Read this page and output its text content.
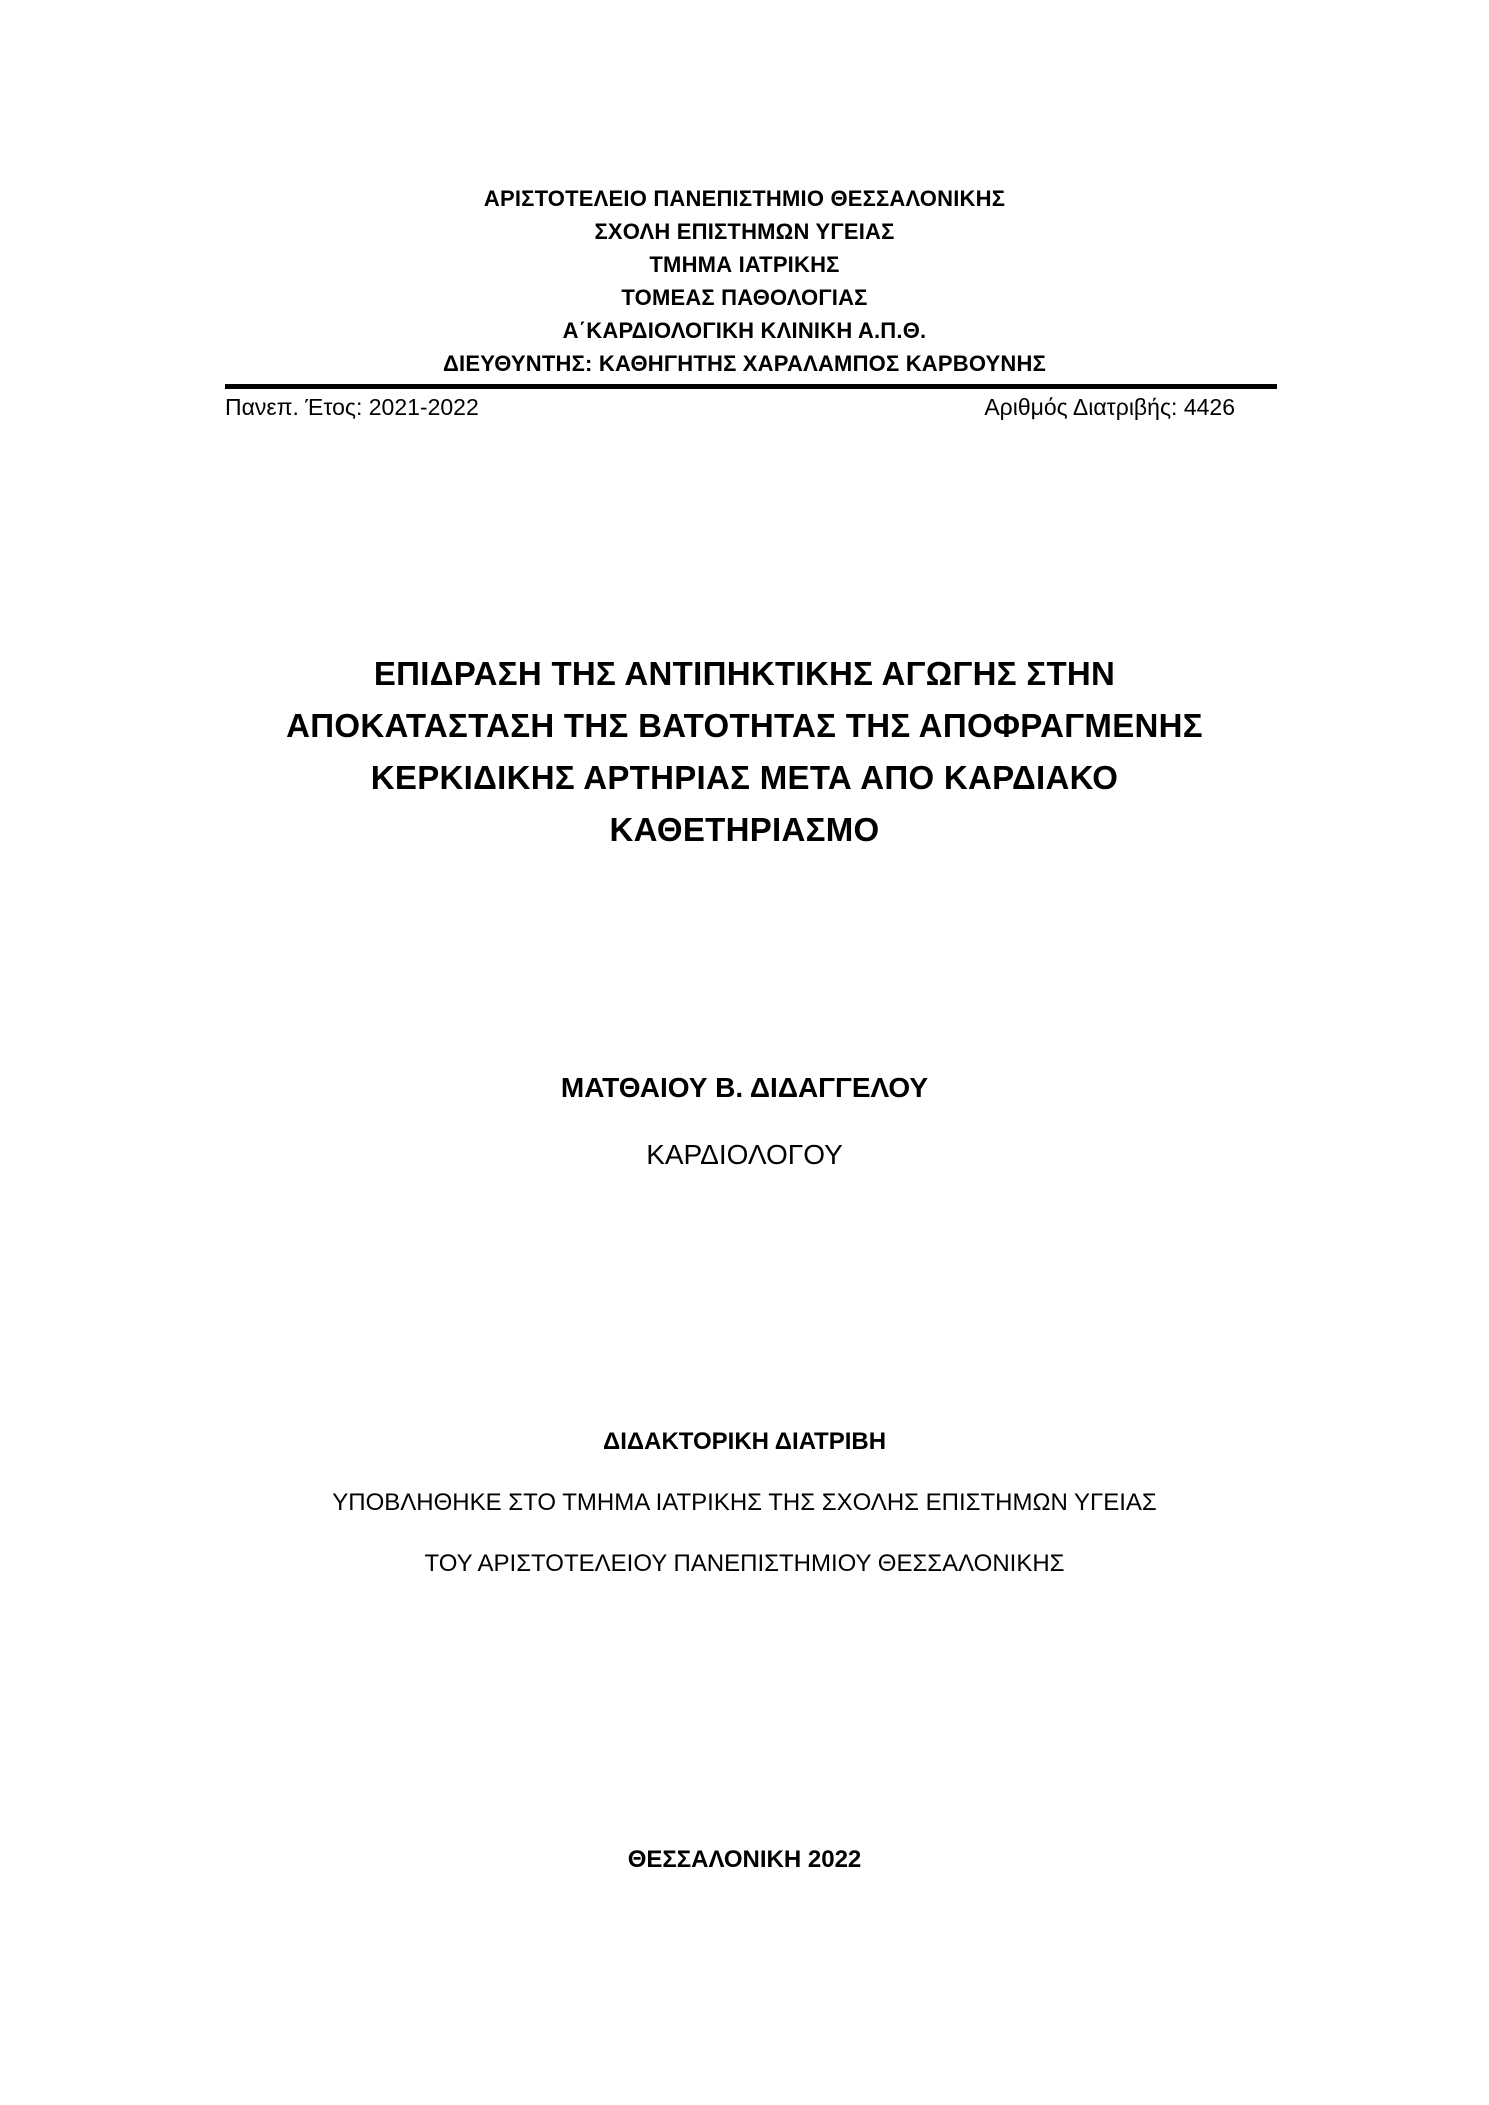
ΑΡΙΣΤΟΤΕΛΕΙΟ ΠΑΝΕΠΙΣΤΗΜΙΟ ΘΕΣΣΑΛΟΝΙΚΗΣ
ΣΧΟΛΗ ΕΠΙΣΤΗΜΩΝ ΥΓΕΙΑΣ
ΤΜΗΜΑ ΙΑΤΡΙΚΗΣ
ΤΟΜΕΑΣ ΠΑΘΟΛΟΓΙΑΣ
Α΄ΚΑΡΔΙΟΛΟΓΙΚΗ ΚΛΙΝΙΚΗ Α.Π.Θ.
ΔΙΕΥΘΥΝΤΗΣ: ΚΑΘΗΓΗΤΗΣ ΧΑΡΑΛΑΜΠΟΣ ΚΑΡΒΟΥΝΗΣ
Πανεπ. Έτος: 2021-2022	Αριθμός Διατριβής: 4426
ΕΠΙΔΡΑΣΗ ΤΗΣ ΑΝΤΙΠΗΚΤΙΚΗΣ ΑΓΩΓΗΣ ΣΤΗΝ
ΑΠΟΚΑΤΑΣΤΑΣΗ ΤΗΣ ΒΑΤΟΤΗΤΑΣ ΤΗΣ ΑΠΟΦΡΑΓΜΕΝΗΣ
ΚΕΡΚΙΔΙΚΗΣ ΑΡΤΗΡΙΑΣ ΜΕΤΑ ΑΠΟ ΚΑΡΔΙΑΚΟ
ΚΑΘΕΤΗΡΙΑΣΜΟ
ΜΑΤΘΑΙΟΥ Β. ΔΙΔΑΓΓΕΛΟΥ
ΚΑΡΔΙΟΛΟΓΟΥ
ΔΙΔΑΚΤΟΡΙΚΗ ΔΙΑΤΡΙΒΗ
ΥΠΟΒΛΗΘΗΚΕ ΣΤΟ ΤΜΗΜΑ ΙΑΤΡΙΚΗΣ ΤΗΣ ΣΧΟΛΗΣ ΕΠΙΣΤΗΜΩΝ ΥΓΕΙΑΣ
ΤΟΥ ΑΡΙΣΤΟΤΕΛΕΙΟΥ ΠΑΝΕΠΙΣΤΗΜΙΟΥ ΘΕΣΣΑΛΟΝΙΚΗΣ
ΘΕΣΣΑΛΟΝΙΚΗ 2022
